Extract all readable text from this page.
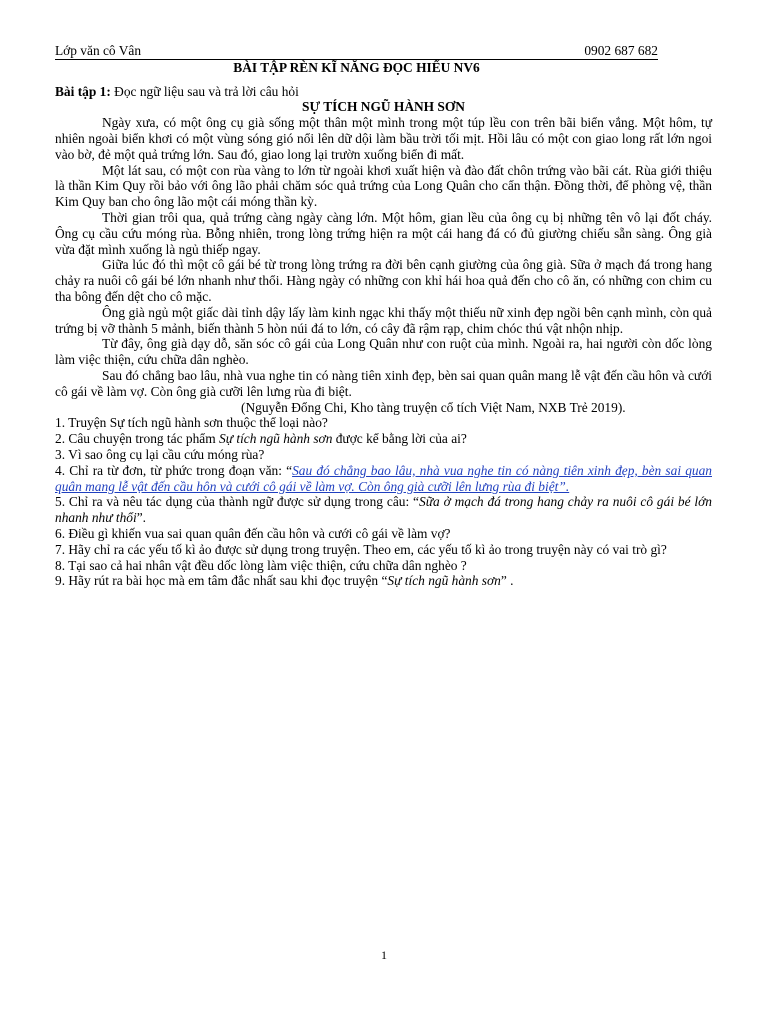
Lớp văn cô Vân	0902 687 682
BÀI TẬP RÈN KĨ NĂNG ĐỌC HIỂU NV6
Bài tập 1: Đọc ngữ liệu sau và trả lời câu hỏi
SỰ TÍCH NGŨ HÀNH SƠN
Ngày xưa, có một ông cụ già sống một thân một mình trong một túp lều con trên bãi biển vắng. Một hôm, tự nhiên ngoài biển khơi có một vùng sóng gió nổi lên dữ dội làm bầu trời tối mịt. Hồi lâu có một con giao long rất lớn ngoi vào bờ, đẻ một quả trứng lớn. Sau đó, giao long lại trườn xuống biển đi mất.
Một lát sau, có một con rùa vàng to lớn từ ngoài khơi xuất hiện và đào đất chôn trứng vào bãi cát. Rùa giới thiệu là thần Kim Quy rồi bảo với ông lão phải chăm sóc quả trứng của Long Quân cho cẩn thận. Đồng thời, để phòng vệ, thần Kim Quy ban cho ông lão một cái móng thần kỳ.
Thời gian trôi qua, quả trứng càng ngày càng lớn. Một hôm, gian lều của ông cụ bị những tên vô lại đốt cháy. Ông cụ cầu cứu móng rùa. Bỗng nhiên, trong lòng trứng hiện ra một cái hang đá có đủ giường chiếu sẵn sàng. Ông già vừa đặt mình xuống là ngủ thiếp ngay.
Giữa lúc đó thì một cô gái bé từ trong lòng trứng ra đời bên cạnh giường của ông già. Sữa ở mạch đá trong hang chảy ra nuôi cô gái bé lớn nhanh như thổi. Hàng ngày có những con khỉ hái hoa quả đến cho cô ăn, có những con chim cu tha bông đến dệt cho cô mặc.
Ông già ngủ một giấc dài tỉnh dậy lấy làm kinh ngạc khi thấy một thiếu nữ xinh đẹp ngồi bên cạnh mình, còn quả trứng bị vỡ thành 5 mảnh, biến thành 5 hòn núi đá to lớn, có cây đã rậm rạp, chim chóc thú vật nhộn nhịp.
Từ đây, ông già dạy dỗ, săn sóc cô gái của Long Quân như con ruột của mình. Ngoài ra, hai người còn dốc lòng làm việc thiện, cứu chữa dân nghèo.
Sau đó chẳng bao lâu, nhà vua nghe tin có nàng tiên xinh đẹp, bèn sai quan quân mang lễ vật đến cầu hôn và cưới cô gái về làm vợ. Còn ông già cưỡi lên lưng rùa đi biệt.
(Nguyễn Đổng Chi, Kho tàng truyện cổ tích Việt Nam, NXB Trẻ 2019).
1. Truyện Sự tích ngũ hành sơn thuộc thể loại nào?
2. Câu chuyện trong tác phẩm Sự tích ngũ hành sơn được kể bằng lời của ai?
3. Vì sao ông cụ lại cầu cứu móng rùa?
4. Chỉ ra từ đơn, từ phức trong đoạn văn: “Sau đó chẳng bao lâu, nhà vua nghe tin có nàng tiên xinh đẹp, bèn sai quan quân mang lễ vật đến cầu hôn và cưới cô gái về làm vợ. Còn ông già cưỡi lên lưng rùa đi biệt”.
5. Chỉ ra và nêu tác dụng của thành ngữ được sử dụng trong câu: “Sữa ở mạch đá trong hang chảy ra nuôi cô gái bé lớn nhanh như thổi”.
6. Điều gì khiến vua sai quan quân đến cầu hôn và cưới cô gái về làm vợ?
7. Hãy chỉ ra các yếu tố kì ảo được sử dụng trong truyện. Theo em, các yếu tố kì ảo trong truyện này có vai trò gì?
8. Tại sao cả hai nhân vật đều dốc lòng làm việc thiện, cứu chữa dân nghèo ?
9. Hãy rút ra bài học mà em tâm đắc nhất sau khi đọc truyện “Sự tích ngũ hành sơn” .
1
